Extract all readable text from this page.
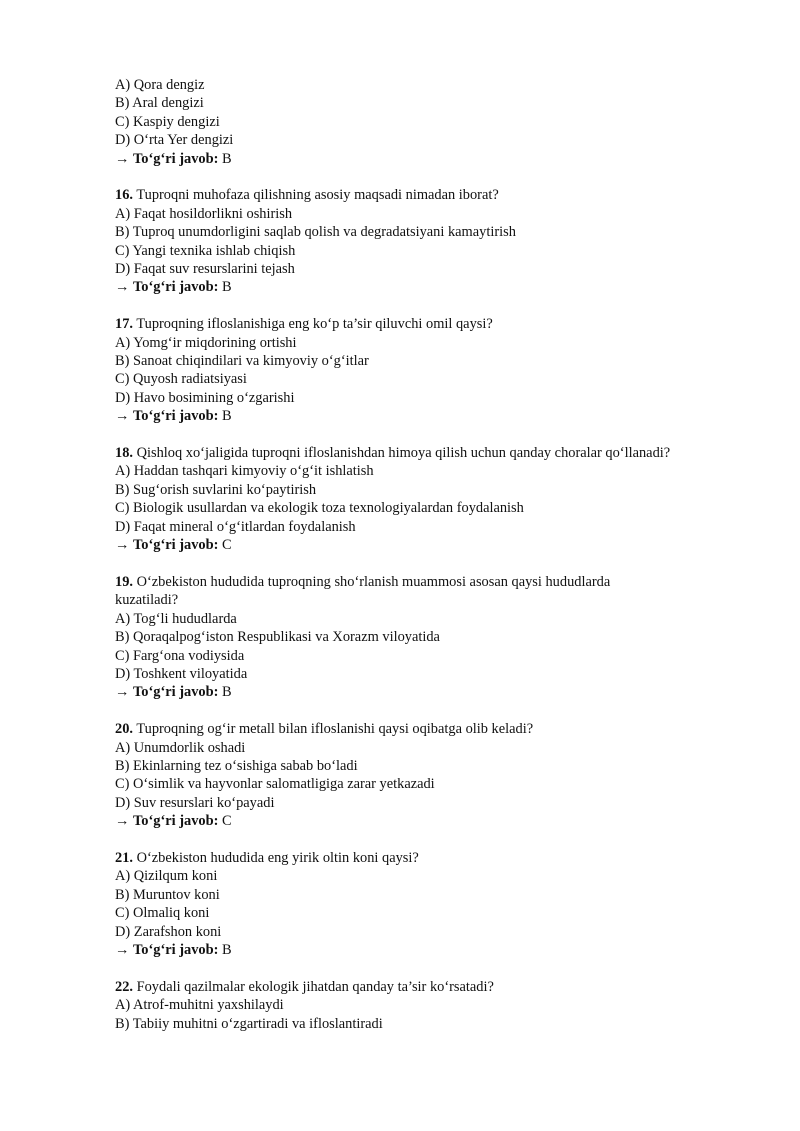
A) Qora dengiz
B) Aral dengizi
C) Kaspiy dengizi
D) O‘rta Yer dengizi
→ To‘g‘ri javob: B
16. Tuproqni muhofaza qilishning asosiy maqsadi nimadan iborat?
A) Faqat hosildorlikni oshirish
B) Tuproq unumdorligini saqlab qolish va degradatsiyani kamaytirish
C) Yangi texnika ishlab chiqish
D) Faqat suv resurslarini tejash
→ To‘g‘ri javob: B
17. Tuproqning ifloslanishiga eng ko‘p ta’sir qiluvchi omil qaysi?
A) Yomg‘ir miqdorining ortishi
B) Sanoat chiqindilari va kimyoviy o‘g‘itlar
C) Quyosh radiatsiyasi
D) Havo bosimining o‘zgarishi
→ To‘g‘ri javob: B
18. Qishloq xo‘jaligida tuproqni ifloslanishdan himoya qilish uchun qanday choralar qo‘llanadi?
A) Haddan tashqari kimyoviy o‘g‘it ishlatish
B) Sug‘orish suvlarini ko‘paytirish
C) Biologik usullardan va ekologik toza texnologiyalardan foydalanish
D) Faqat mineral o‘g‘itlardan foydalanish
→ To‘g‘ri javob: C
19. O‘zbekiston hududida tuproqning sho‘rlanish muammosi asosan qaysi hududlarda kuzatiladi?
A) Tog‘li hududlarda
B) Qoraqalpog‘iston Respublikasi va Xorazm viloyatida
C) Farg‘ona vodiysida
D) Toshkent viloyatida
→ To‘g‘ri javob: B
20. Tuproqning og‘ir metall bilan ifloslanishi qaysi oqibatga olib keladi?
A) Unumdorlik oshadi
B) Ekinlarning tez o‘sishiga sabab bo‘ladi
C) O‘simlik va hayvonlar salomatligiga zarar yetkazadi
D) Suv resurslari ko‘payadi
→ To‘g‘ri javob: C
21. O‘zbekiston hududida eng yirik oltin koni qaysi?
A) Qizilqum koni
B) Muruntov koni
C) Olmaliq koni
D) Zarafshon koni
→ To‘g‘ri javob: B
22. Foydali qazilmalar ekologik jihatdan qanday ta’sir ko‘rsatadi?
A) Atrof-muhitni yaxshilaydi
B) Tabiiy muhitni o‘zgartiradi va ifloslantiradi
